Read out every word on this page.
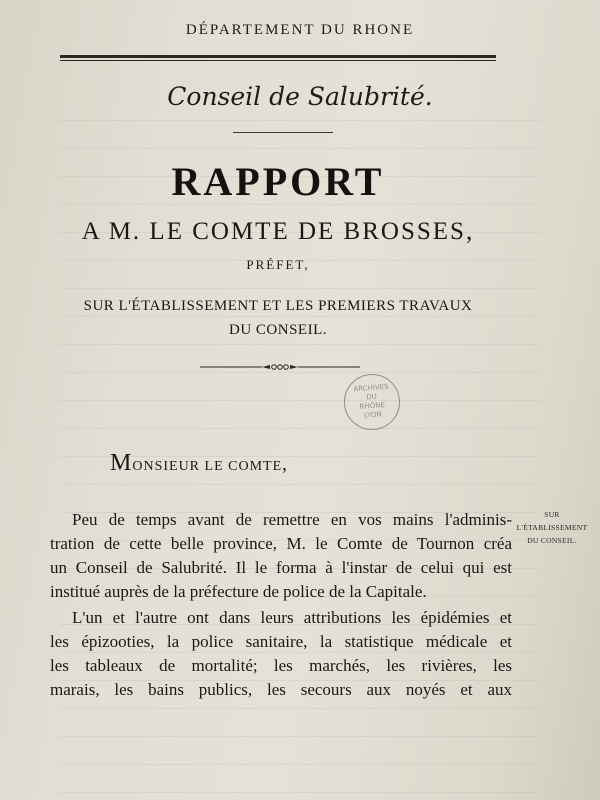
DÉPARTEMENT DU RHONE
Conseil de Salubrité.
RAPPORT
A M. LE COMTE DE BROSSES,
PRÉFET,
SUR L'ÉTABLISSEMENT ET LES PREMIERS TRAVAUX
DU CONSEIL.
ARCHIVES
DU
RHÔNE
LYON
MONSIEUR LE COMTE,
SUR
L'ÉTABLISSEMENT
DU CONSEIL.

Peu de temps avant de remettre en vos mains l'adminis-

tration de cette belle province, M. le Comte de Tournon créa

un Conseil de Salubrité. Il le forma à l'instar de celui qui est

institué auprès de la préfecture de police de la Capitale.

L'un et l'autre ont dans leurs attributions les épidémies et

les épizooties, la police sanitaire, la statistique médicale et

les tableaux de mortalité; les marchés, les rivières, les

marais, les bains publics, les secours aux noyés et aux
